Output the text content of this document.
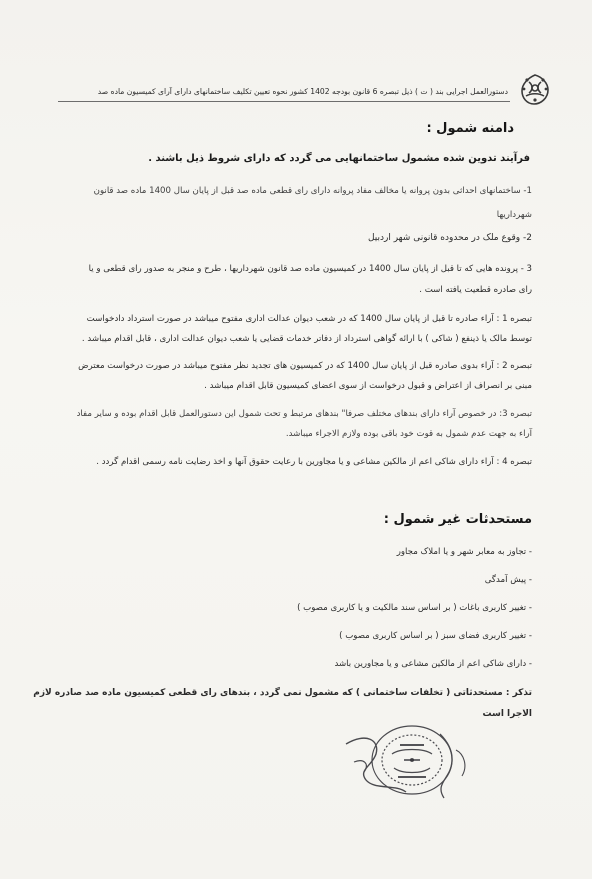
دستورالعمل اجرایی بند ( ت ) ذیل تبصره 6 قانون بودجه 1402 کشور نحوه تعیین تکلیف ساختمانهای دارای آرای کمیسیون ماده صد
دامنه شمول :
فرآیند تدوین شده مشمول ساختمانهایی می گردد که دارای شروط ذیل باشند .
1- ساختمانهای احداثی بدون پروانه یا مخالف مفاد پروانه دارای رای قطعی ماده صد قبل از پایان سال 1400 ماده صد قانون
شهرداریها
2- وقوع ملک در محدوده قانونی شهر اردبیل
3 - پرونده هایی که تا قبل از پایان سال 1400 در کمیسیون ماده صد قانون شهرداریها ، طرح و منجر به صدور رای قطعی و یا
رای صادره قطعیت یافته است .
تبصره 1 : آراء صادره تا قبل از پایان سال 1400 که در شعب دیوان عدالت اداری مفتوح میباشد در صورت استرداد دادخواست
توسط مالک یا ذینفع ( شاکی ) با ارائه گواهی استرداد از دفاتر خدمات قضایی یا شعب دیوان عدالت اداری ، قابل اقدام میباشد .
تبصره 2 : آراء بدوی صادره قبل از پایان سال 1400 که در کمیسیون های تجدید نظر مفتوح میباشد در صورت درخواست معترض
مبنی بر انصراف از اعتراض و قبول درخواست از سوی اعضای کمیسیون قابل اقدام میباشد .
تبصره 3: در خصوص آراء دارای بندهای مختلف صرفا" بندهای مرتبط و تحت شمول این دستورالعمل قابل اقدام بوده و سایر مفاد
آراء به جهت عدم شمول به قوت خود باقی بوده ولازم الاجراء میباشد.
تبصره 4 : آراء دارای شاکی اعم از مالکین مشاعی و یا مجاورین با رعایت حقوق آنها و اخذ رضایت نامه رسمی اقدام گردد .
مستحدثات غیر شمول :
- تجاوز به معابر شهر و یا املاک مجاور
- پیش آمدگی
- تغییر کاربری باغات ( بر اساس سند مالکیت و یا کاربری مصوب )
- تغییر کاربری فضای سبز ( بر اساس کاربری مصوب )
- دارای شاکی اعم از مالکین مشاعی و یا مجاورین باشد
تذکر : مستحدثاتی ( تخلفات ساختمانی ) که مشمول نمی گردد ، بندهای رای قطعی کمیسیون ماده صد صادره لازم
الاجرا است
